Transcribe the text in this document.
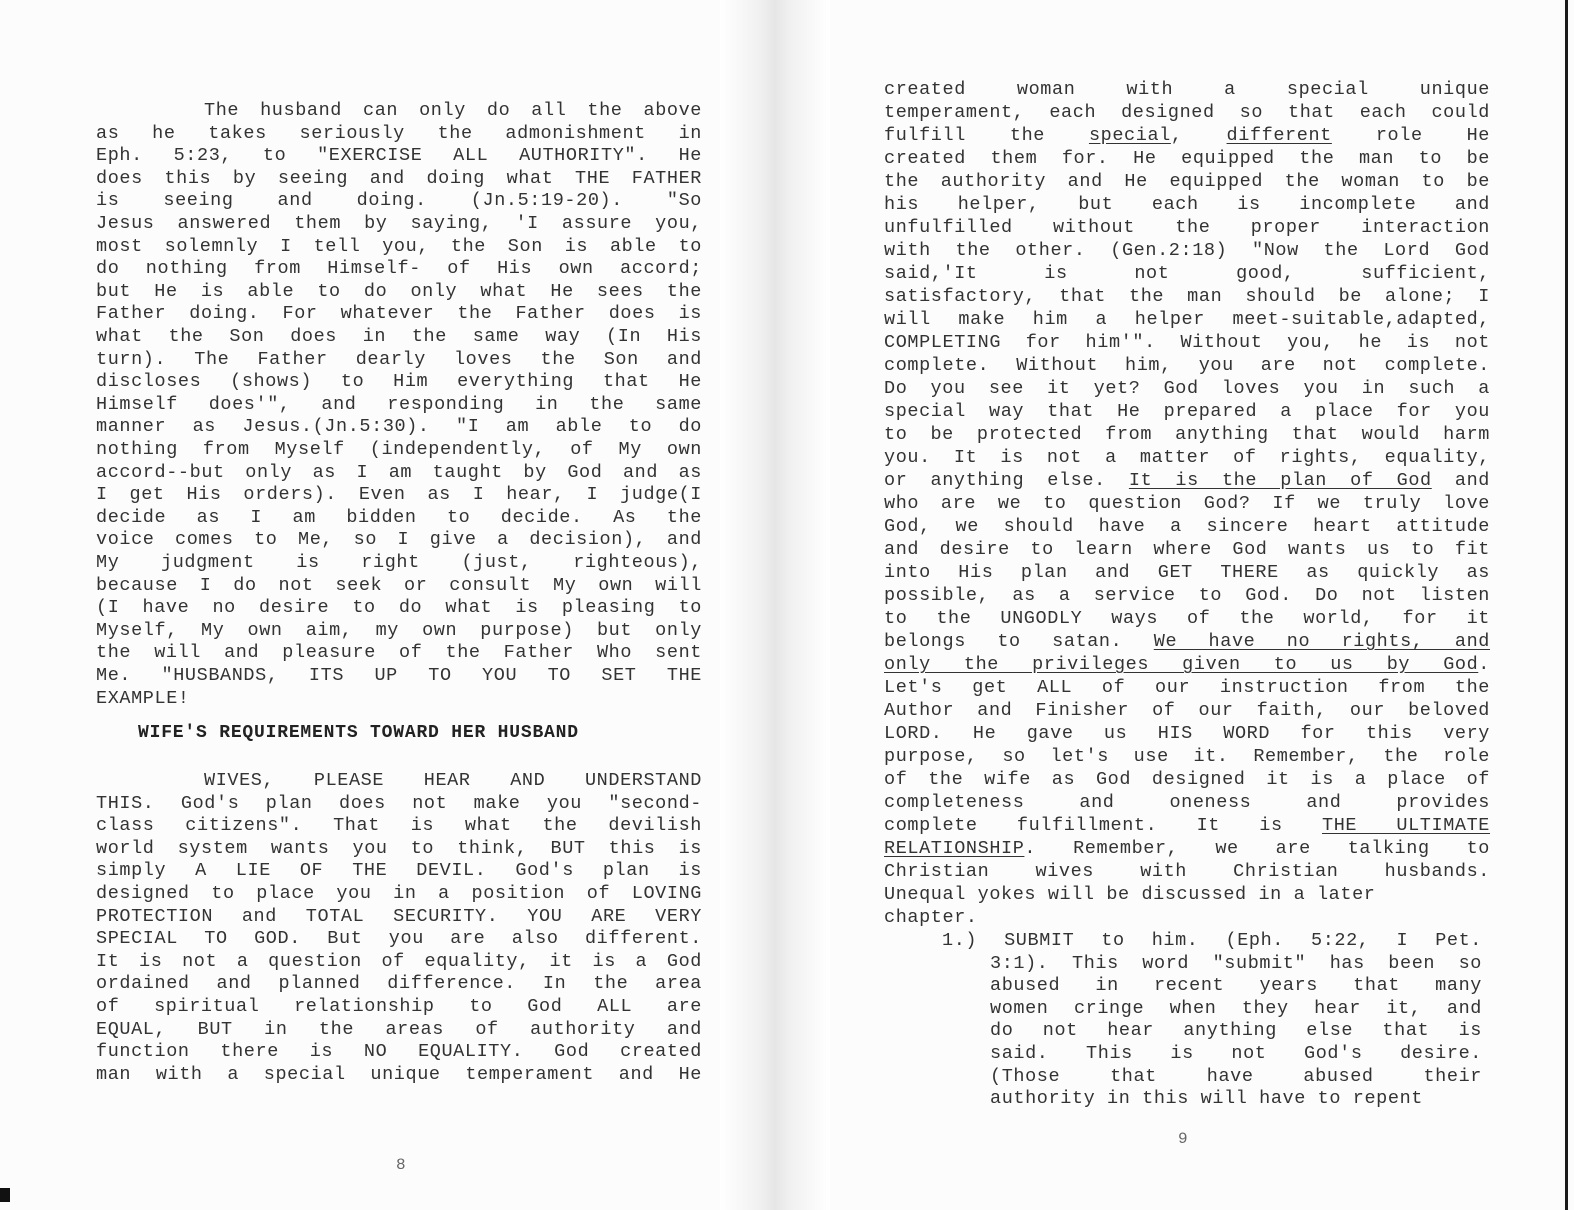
The husband can only do all the above
as he takes seriously the admonishment in
Eph. 5:23, to "EXERCISE ALL AUTHORITY". He
does this by seeing and doing what THE FATHER
is seeing and doing. (Jn.5:19-20). "So
Jesus answered them by saying, 'I assure you,
most solemnly I tell you, the Son is able to
do nothing from Himself- of His own accord;
but He is able to do only what He sees the
Father doing. For whatever the Father does is
what the Son does in the same way (In His
turn). The Father dearly loves the Son and
discloses (shows) to Him everything that He
Himself does'", and responding in the same
manner as Jesus.(Jn.5:30). "I am able to do
nothing from Myself (independently, of My own
accord--but only as I am taught by God and as
I get His orders). Even as I hear, I judge(I
decide as I am bidden to decide. As the
voice comes to Me, so I give a decision), and
My judgment is right (just, righteous),
because I do not seek or consult My own will
(I have no desire to do what is pleasing to
Myself, My own aim, my own purpose) but only
the will and pleasure of the Father Who sent
Me. "HUSBANDS, ITS UP TO YOU TO SET THE
EXAMPLE!
WIFE'S REQUIREMENTS TOWARD HER HUSBAND
WIVES, PLEASE HEAR AND UNDERSTAND
THIS. God's plan does not make you "second-
class citizens". That is what the devilish
world system wants you to think, BUT this is
simply A LIE OF THE DEVIL. God's plan is
designed to place you in a position of LOVING
PROTECTION and TOTAL SECURITY. YOU ARE VERY
SPECIAL TO GOD. But you are also different.
It is not a question of equality, it is a God
ordained and planned difference. In the area
of spiritual relationship to God ALL are
EQUAL, BUT in the areas of authority and
function there is NO EQUALITY. God created
man with a special unique temperament and He
8
created woman with a special unique
temperament, each designed so that each could
fulfill the special, different role He
created them for. He equipped the man to be
the authority and He equipped the woman to be
his helper, but each is incomplete and
unfulfilled without the proper interaction
with the other. (Gen.2:18) "Now the Lord God
said,'It is not good, sufficient,
satisfactory, that the man should be alone; I
will make him a helper meet-suitable,adapted,
COMPLETING for him'". Without you, he is not
complete. Without him, you are not complete.
Do you see it yet? God loves you in such a
special way that He prepared a place for you
to be protected from anything that would harm
you. It is not a matter of rights, equality,
or anything else. It is the plan of God and
who are we to question God? If we truly love
God, we should have a sincere heart attitude
and desire to learn where God wants us to fit
into His plan and GET THERE as quickly as
possible, as a service to God. Do not listen
to the UNGODLY ways of the world, for it
belongs to satan. We have no rights, and
only the privileges given to us by God.
Let's get ALL of our instruction from the
Author and Finisher of our faith, our beloved
LORD. He gave us HIS WORD for this very
purpose, so let's use it. Remember, the role
of the wife as God designed it is a place of
completeness and oneness and provides
complete fulfillment. It is THE ULTIMATE
RELATIONSHIP. Remember, we are talking to
Christian wives with Christian husbands.
Unequal yokes will be discussed in a later
chapter.
1.) SUBMIT to him. (Eph. 5:22, I Pet.
3:1). This word "submit" has been so
abused in recent years that many
women cringe when they hear it, and
do not hear anything else that is
said. This is not God's desire.
(Those that have abused their
authority in this will have to repent
9
